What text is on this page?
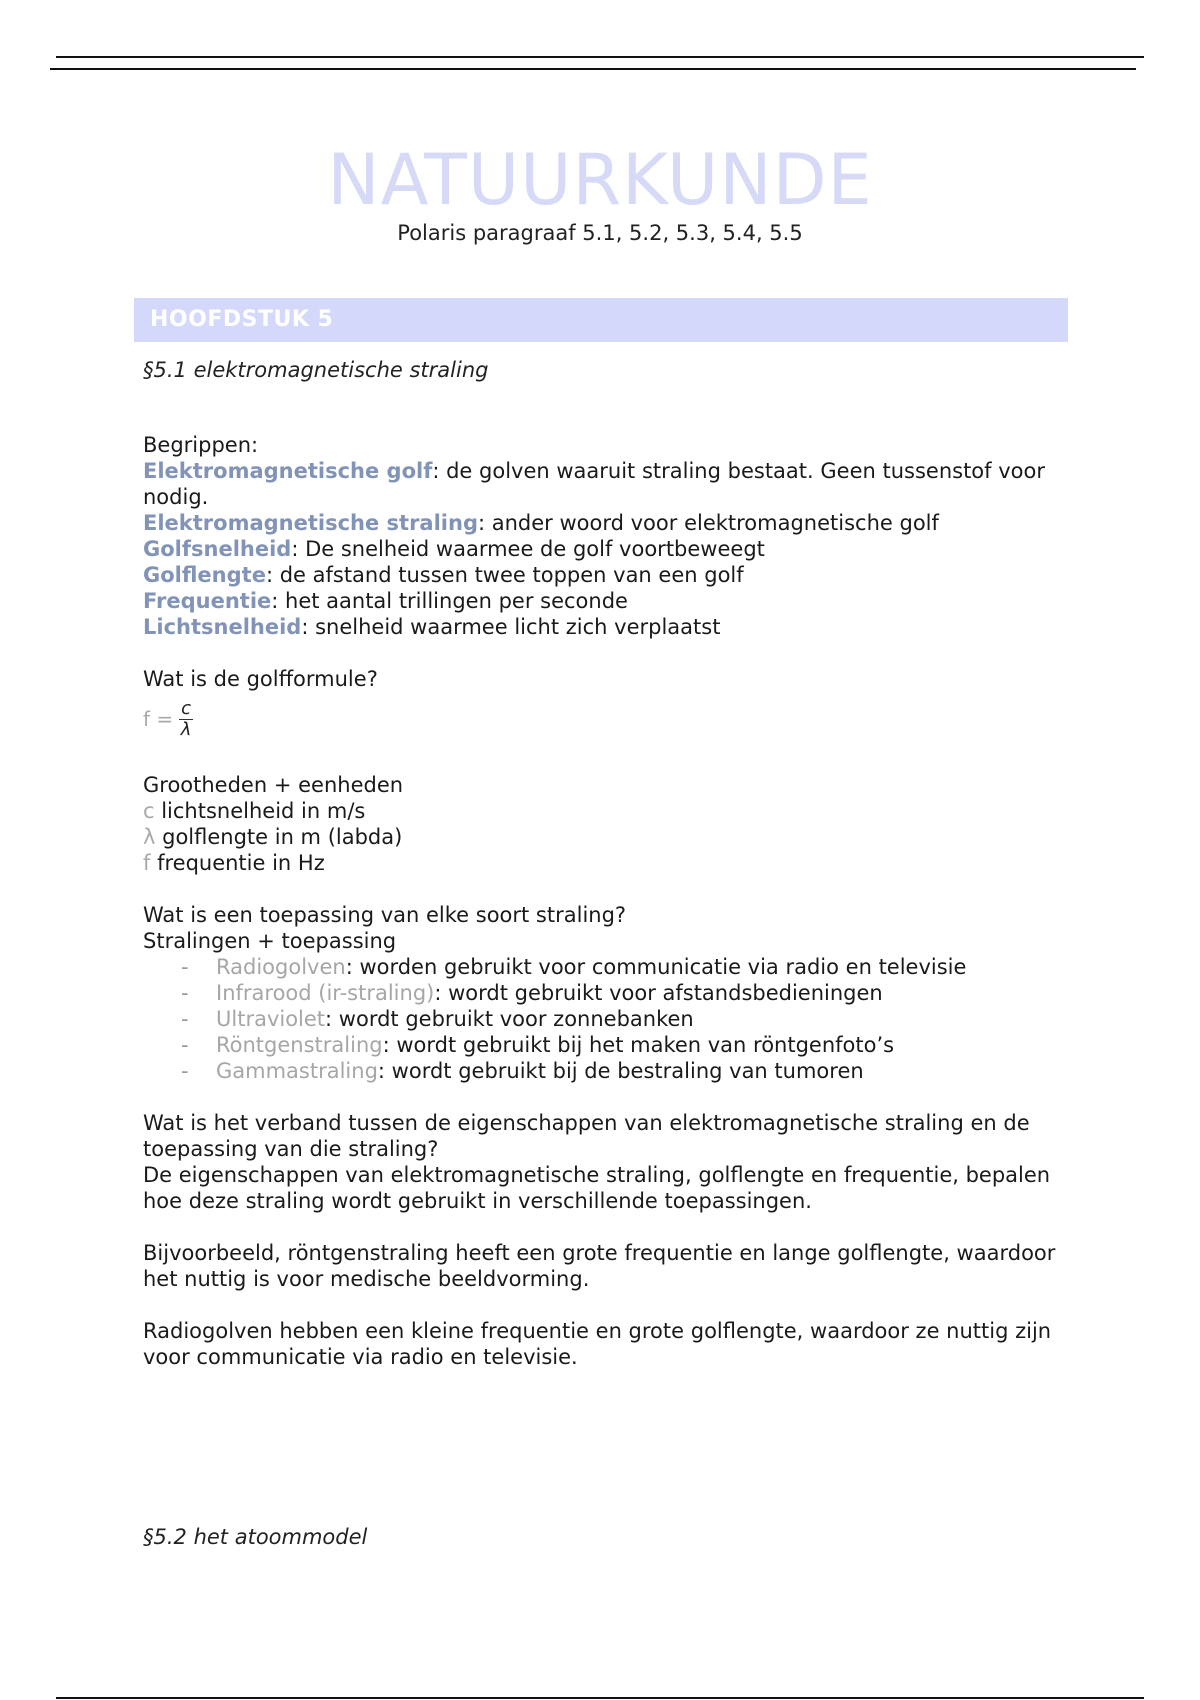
NATUURKUNDE
Polaris paragraaf 5.1, 5.2, 5.3, 5.4, 5.5
HOOFDSTUK 5
§5.1 elektromagnetische straling

Begrippen:

Elektromagnetische golf: de golven waaruit straling bestaat. Geen tussenstof voor nodig.

Elektromagnetische straling: ander woord voor elektromagnetische golf

Golfsnelheid: De snelheid waarmee de golf voortbeweegt

Golflengte: de afstand tussen twee toppen van een golf

Frequentie: het aantal trillingen per seconde

Lichtsnelheid: snelheid waarmee licht zich verplaatst

Wat is de golfformule?

$f = \frac{c}{\lambda}$

Grootheden + eenheden

c lichtsnelheid in m/s

λ golflengte in m (labda)

f frequentie in Hz

Wat is een toepassing van elke soort straling?

Stralingen + toepassing

- Radiogolven: worden gebruikt voor communicatie via radio en televisie
- Infrarood (ir-straling): wordt gebruikt voor afstandsbedieningen
- Ultraviolet: wordt gebruikt voor zonnebanken
- Röntgenstraling: wordt gebruikt bij het maken van röntgenfoto’s
- Gammastraling: wordt gebruikt bij de bestraling van tumoren

Wat is het verband tussen de eigenschappen van elektromagnetische straling en de toepassing van die straling?

De eigenschappen van elektromagnetische straling, golflengte en frequentie, bepalen hoe deze straling wordt gebruikt in verschillende toepassingen.

Bijvoorbeeld, röntgenstraling heeft een grote frequentie en lange golflengte, waardoor het nuttig is voor medische beeldvorming.

Radiogolven hebben een kleine frequentie en grote golflengte, waardoor ze nuttig zijn voor communicatie via radio en televisie.

§5.2 het atoommodel
